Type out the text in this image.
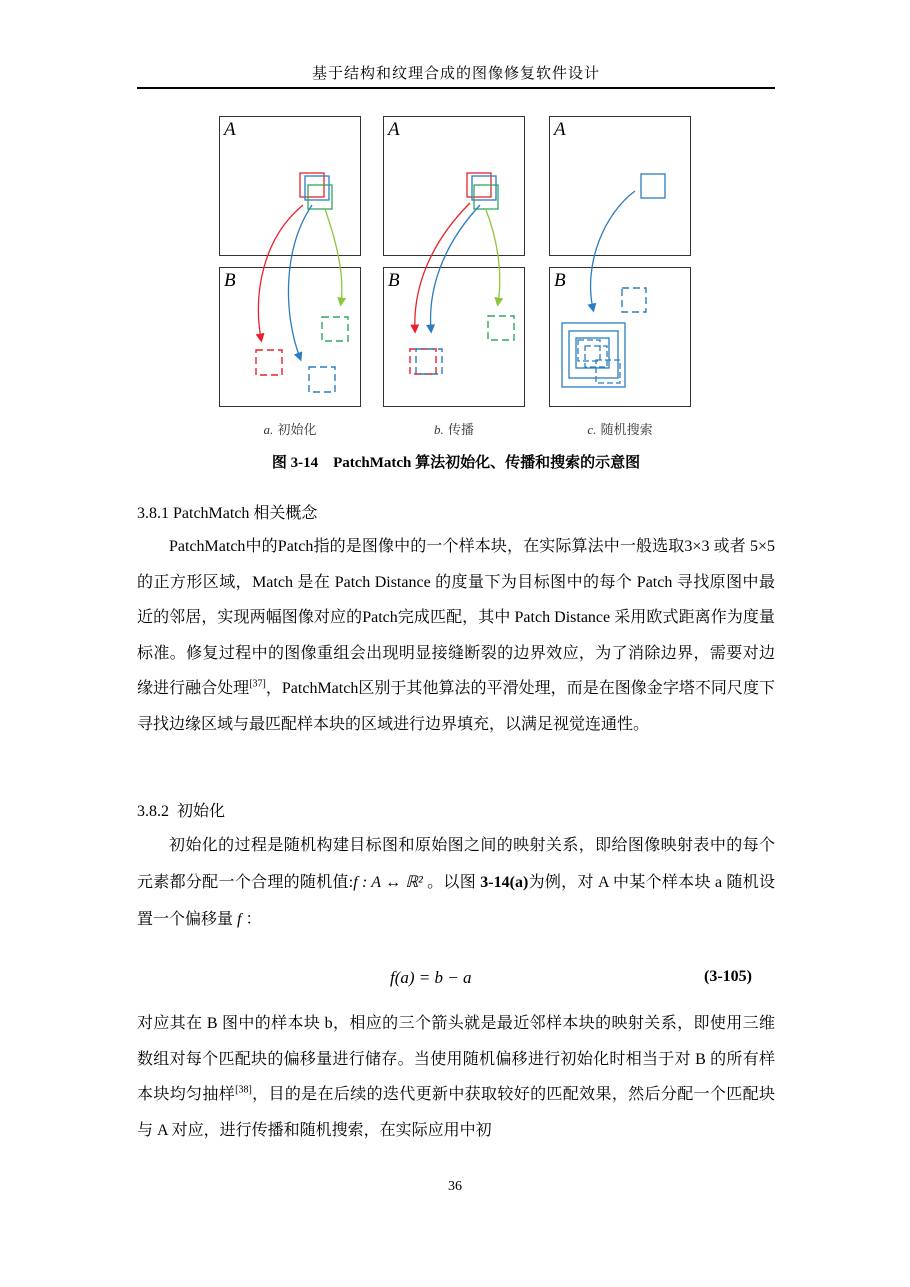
基于结构和纹理合成的图像修复软件设计
A
B
A
B
A
B
a. 初始化	b. 传播	c. 随机搜索
图 3-14    PatchMatch 算法初始化、传播和搜索的示意图
3.8.1 PatchMatch 相关概念
PatchMatch中的Patch指的是图像中的一个样本块，在实际算法中一般选取3×3 或者 5×5 的正方形区域，Match 是在 Patch Distance 的度量下为目标图中的每个 Patch 寻找原图中最近的邻居，实现两幅图像对应的Patch完成匹配，其中 Patch Distance 采用欧式距离作为度量标准。修复过程中的图像重组会出现明显接缝断裂的边界效应，为了消除边界，需要对边缘进行融合处理[37]，PatchMatch区别于其他算法的平滑处理，而是在图像金字塔不同尺度下寻找边缘区域与最匹配样本块的区域进行边界填充，以满足视觉连通性。
3.8.2  初始化
初始化的过程是随机构建目标图和原始图之间的映射关系，即给图像映射表中的每个元素都分配一个合理的随机值:f : A ↔ ℝ² 。以图 3-14(a)为例，对 A 中某个样本块 a 随机设置一个偏移量 f ：
f(a) = b − a	(3-105)
对应其在 B 图中的样本块 b，相应的三个箭头就是最近邻样本块的映射关系，即使用三维数组对每个匹配块的偏移量进行储存。当使用随机偏移进行初始化时相当于对 B 的所有样本块均匀抽样[38]，目的是在后续的迭代更新中获取较好的匹配效果，然后分配一个匹配块与 A 对应，进行传播和随机搜索，在实际应用中初
36
